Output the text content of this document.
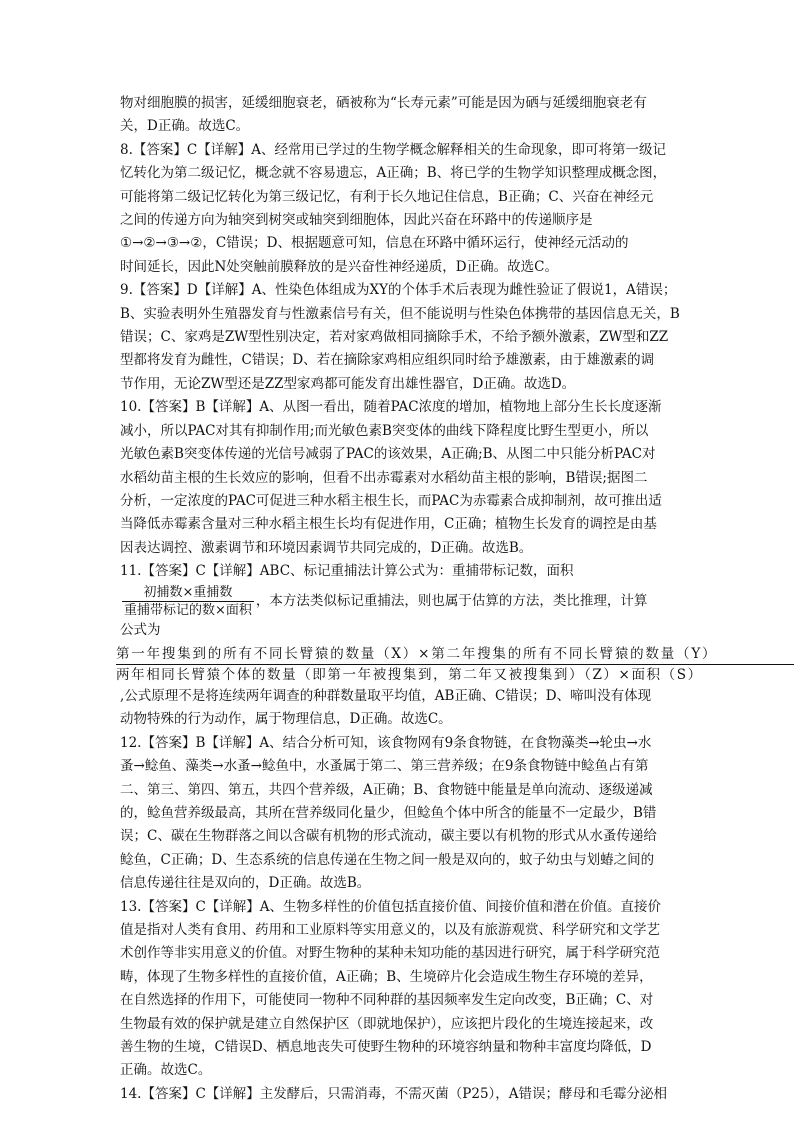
物对细胞膜的损害，延缓细胞衰老，硒被称为“长寿元素”可能是因为硒与延缓细胞衰老有

关，D正确。故选C。

8.【答案】C【详解】A、经常用已学过的生物学概念解释相关的生命现象，即可将第一级记

忆转化为第二级记忆，概念就不容易遗忘，A正确；B、将已学的生物学知识整理成概念图，

可能将第二级记忆转化为第三级记忆，有利于长久地记住信息，B正确；C、兴奋在神经元

之间的传递方向为轴突到树突或轴突到细胞体，因此兴奋在环路中的传递顺序是

①→②→③→②，C错误；D、根据题意可知，信息在环路中循环运行，使神经元活动的

时间延长，因此N处突触前膜释放的是兴奋性神经递质，D正确。故选C。

9.【答案】D【详解】A、性染色体组成为XY的个体手术后表现为雌性验证了假说1，A错误；

B、实验表明外生殖器发育与性激素信号有关，但不能说明与性染色体携带的基因信息无关，B

错误；C、家鸡是ZW型性别决定，若对家鸡做相同摘除手术，不给予额外激素，ZW型和ZZ

型都将发育为雌性，C错误；D、若在摘除家鸡相应组织同时给予雄激素，由于雄激素的调

节作用，无论ZW型还是ZZ型家鸡都可能发育出雄性器官，D正确。故选D。

10.【答案】B【详解】A、从图一看出，随着PAC浓度的增加，植物地上部分生长长度逐渐

减小，所以PAC对其有抑制作用;而光敏色素B突变体的曲线下降程度比野生型更小，所以

光敏色素B突变体传递的光信号减弱了PAC的该效果，A正确;B、从图二中只能分析PAC对

水稻幼苗主根的生长效应的影响，但看不出赤霉素对水稻幼苗主根的影响，B错误;据图二

分析，一定浓度的PAC可促进三种水稻主根生长，而PAC为赤霉素合成抑制剂，故可推出适

当降低赤霉素含量对三种水稻主根生长均有促进作用，C正确；植物生长发育的调控是由基

因表达调控、激素调节和环境因素调节共同完成的，D正确。故选B。

11.【答案】C【详解】ABC、标记重捕法计算公式为：重捕带标记数，面积

$\frac{\text{初捕数×重捕数}}{\text{重捕带标记的数×面积}}$ ，本方法类似标记重捕法，则也属于估算的方法，类比推理，计算

公式为

第一年搜集到的所有不同长臂猿的数量（X）×第二年搜集的所有不同长臂猿的数量（Y）
两年相同长臂猿个体的数量（即第一年被搜集到，第二年又被搜集到）（Z）×面积（S）

,公式原理不是将连续两年调查的种群数量取平均值，AB正确、C错误；D、啼叫没有体现

动物特殊的行为动作，属于物理信息，D正确。故选C。

12.【答案】B【详解】A、结合分析可知，该食物网有9条食物链，在食物藻类→轮虫→水

蚤→鲶鱼、藻类→水蚤→鲶鱼中，水蚤属于第二、第三营养级；在9条食物链中鲶鱼占有第

二、第三、第四、第五，共四个营养级，A正确；B、食物链中能量是单向流动、逐级递减

的，鲶鱼营养级最高，其所在营养级同化量少，但鲶鱼个体中所含的能量不一定最少，B错

误；C、碳在生物群落之间以含碳有机物的形式流动，碳主要以有机物的形式从水蚤传递给

鲶鱼，C正确；D、生态系统的信息传递在生物之间一般是双向的，蚊子幼虫与划蝽之间的

信息传递往往是双向的，D正确。故选B。

13.【答案】C【详解】A、生物多样性的价值包括直接价值、间接价值和潜在价值。直接价

值是指对人类有食用、药用和工业原料等实用意义的，以及有旅游观赏、科学研究和文学艺

术创作等非实用意义的价值。对野生物种的某种未知功能的基因进行研究，属于科学研究范

畴，体现了生物多样性的直接价值，A正确；B、生境碎片化会造成生物生存环境的差异，

在自然选择的作用下，可能使同一物种不同种群的基因频率发生定向改变，B正确；C、对

生物最有效的保护就是建立自然保护区（即就地保护），应该把片段化的生境连接起来，改

善生物的生境，C错误D、栖息地丧失可使野生物种的环境容纳量和物种丰富度均降低，D

正确。故选C。

14.【答案】C【详解】主发酵后，只需消毒，不需灭菌（P25），A错误；酵母和毛霉分泌相
